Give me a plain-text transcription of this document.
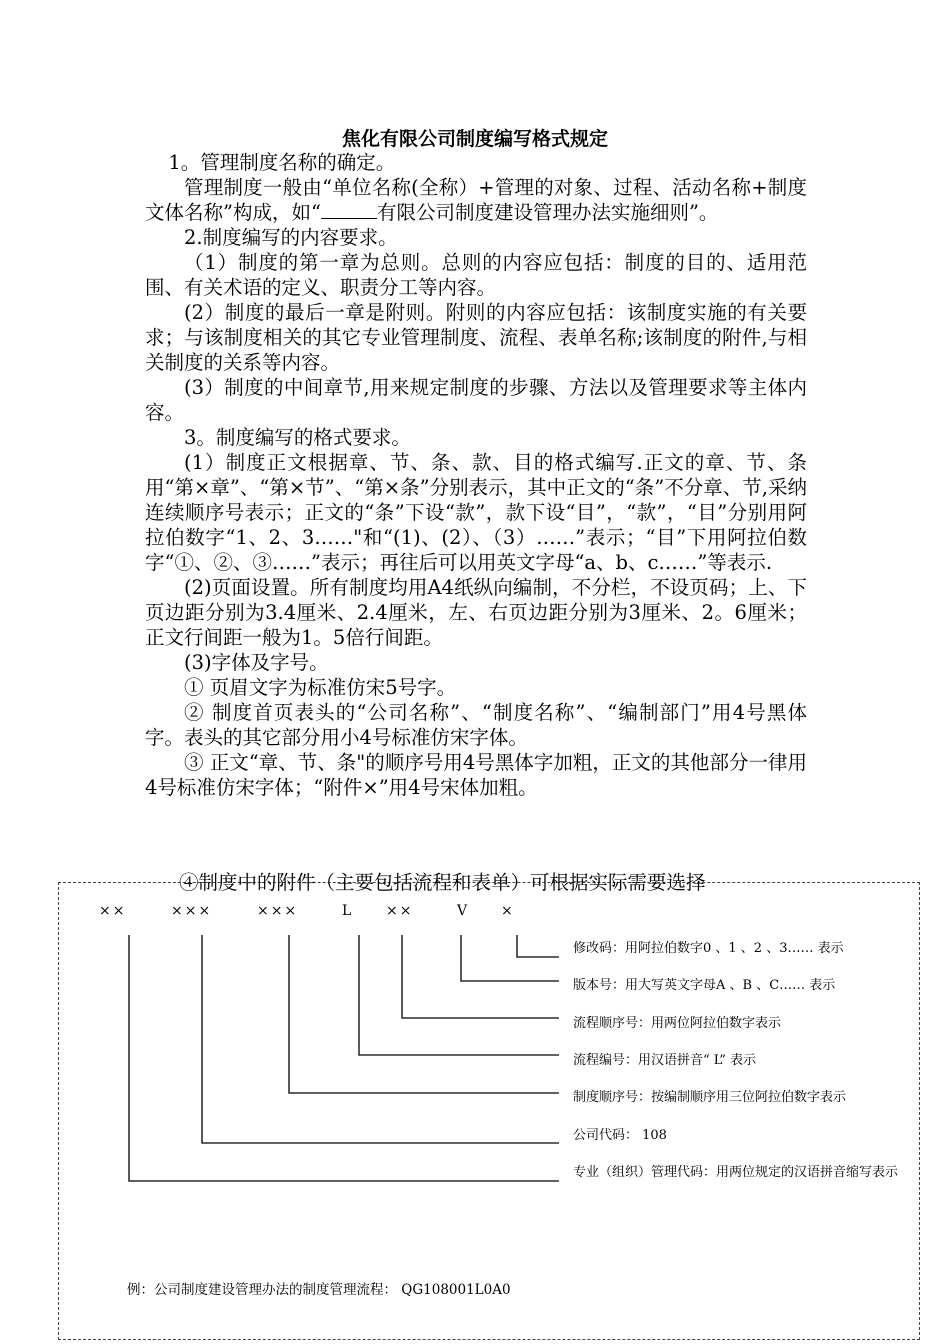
焦化有限公司制度编写格式规定

1。管理制度名称的确定。

管理制度一般由“单位名称(全称）+管理的对象、过程、活动名称+制度文体名称”构成，如“	有限公司制度建设管理办法实施细则”。

2.制度编写的内容要求。

（1）制度的第一章为总则。总则的内容应包括：制度的目的、适用范围、有关术语的定义、职责分工等内容。

(2）制度的最后一章是附则。附则的内容应包括：该制度实施的有关要求；与该制度相关的其它专业管理制度、流程、表单名称;该制度的附件,与相关制度的关系等内容。

(3）制度的中间章节,用来规定制度的步骤、方法以及管理要求等主体内容。

3。制度编写的格式要求。

(1）制度正文根据章、节、条、款、目的格式编写.正文的章、节、条用“第×章”、“第×节”、“第×条”分别表示，其中正文的“条”不分章、节,采纳连续顺序号表示；正文的“条”下设“款”，款下设“目”，“款”，“目”分别用阿拉伯数字“1、2、3……"和“(1)、(2）、（3）……”表示；“目”下用阿拉伯数字“①、②、③……”表示；再往后可以用英文字母“a、b、c……”等表示.

(2)页面设置。所有制度均用A4纸纵向编制，不分栏，不设页码；上、下页边距分别为3.4厘米、2.4厘米，左、右页边距分别为3厘米、2。6厘米；正文行间距一般为1。5倍行间距。

(3)字体及字号。

① 页眉文字为标准仿宋5号字。

② 制度首页表头的“公司名称”、“制度名称”、“编制部门”用4号黑体字。表头的其它部分用小4号标准仿宋字体。

③ 正文“章、节、条"的顺序号用4号黑体字加粗，正文的其他部分一律用4号标准仿宋字体；“附件×”用4号宋体加粗。

④制度中的附件（主要包括流程和表单）可根据实际需要选择
××	×××	×××	L ××	V ×
修改码：用阿拉伯数字0 、1 、2 、3…… 表示
版本号：用大写英文字母A 、B 、C…… 表示
流程顺序号：用两位阿拉伯数字表示
流程编号：用汉语拼音“ L” 表示
制度顺序号：按编制顺序用三位阿拉伯数字表示
公司代码： 108
专业（组织）管理代码：用两位规定的汉语拼音缩写表示
例：公司制度建设管理办法的制度管理流程： QG108001L0A0
